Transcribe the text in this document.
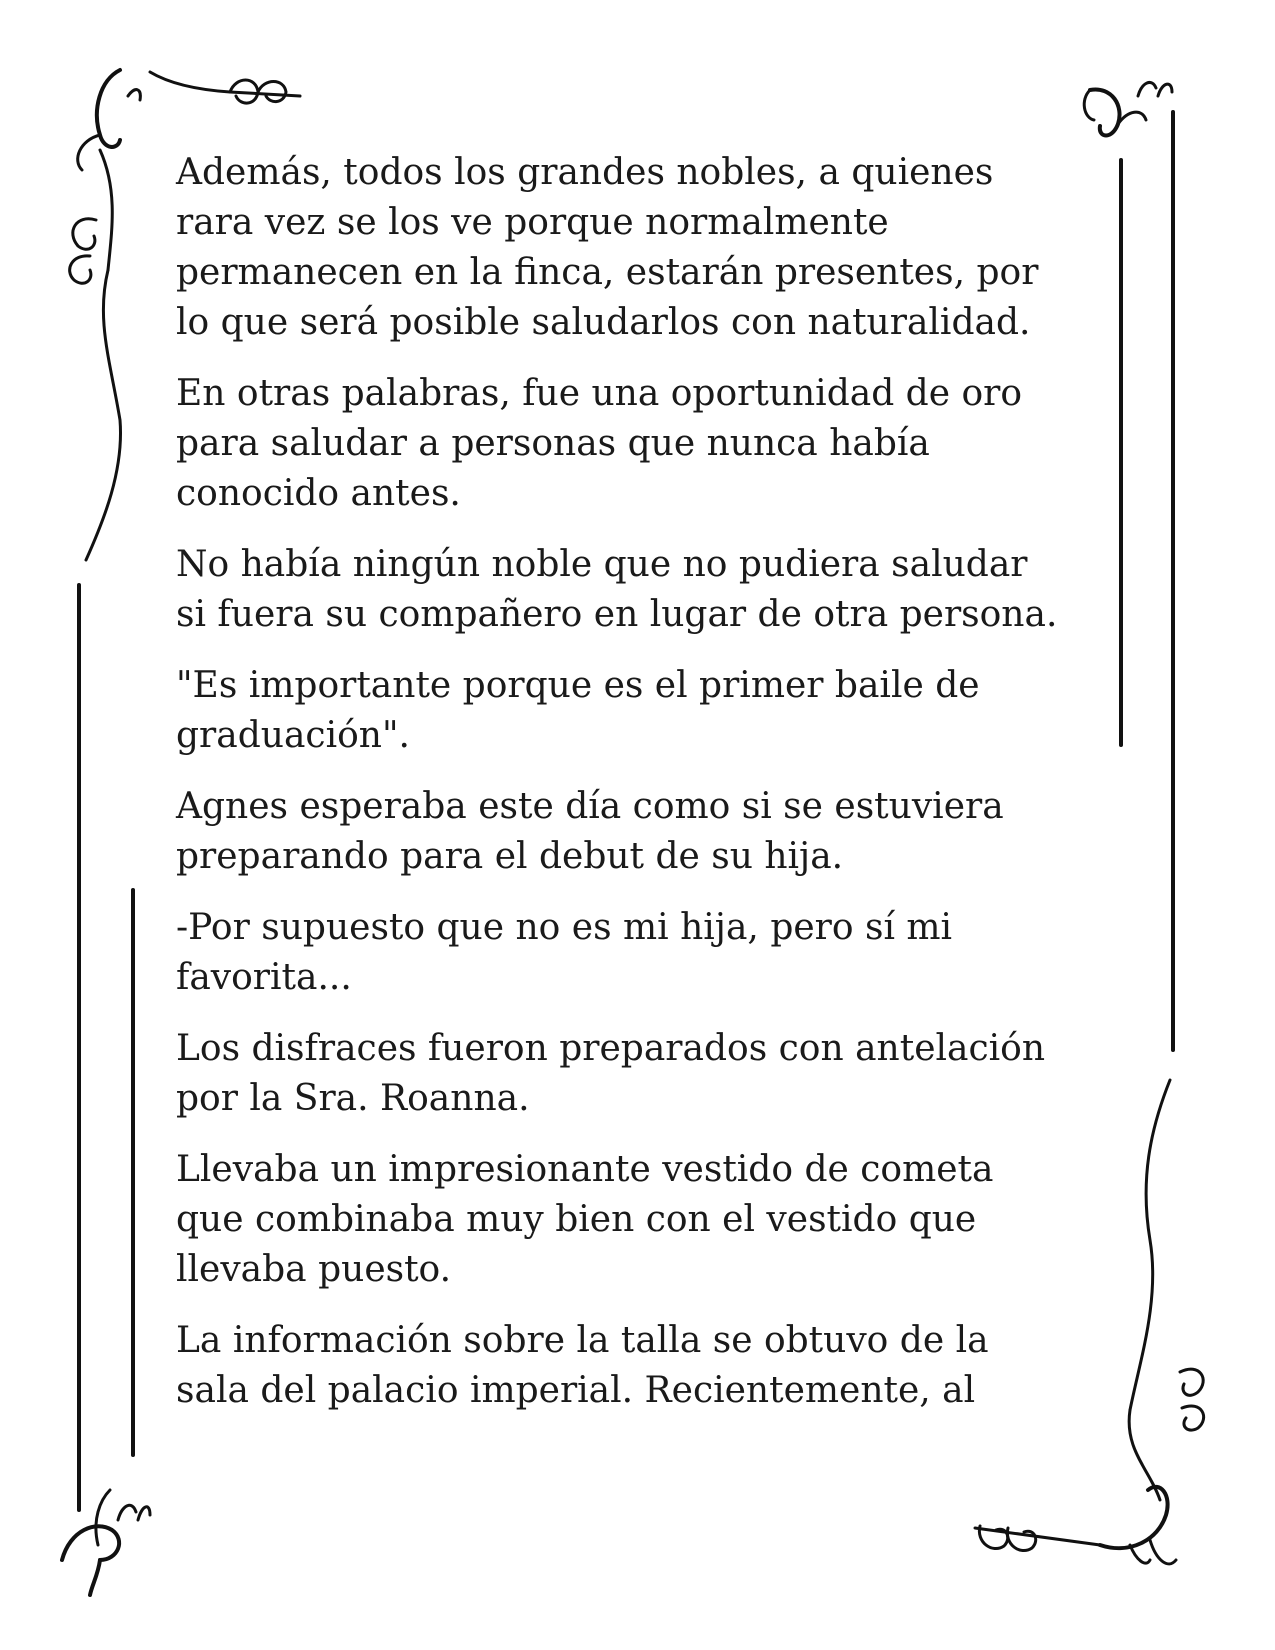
Además, todos los grandes nobles, a quienes
rara vez se los ve porque normalmente
permanecen en la finca, estarán presentes, por
lo que será posible saludarlos con naturalidad.

En otras palabras, fue una oportunidad de oro
para saludar a personas que nunca había
conocido antes.

No había ningún noble que no pudiera saludar
si fuera su compañero en lugar de otra persona.

"Es importante porque es el primer baile de
graduación".

Agnes esperaba este día como si se estuviera
preparando para el debut de su hija.

-Por supuesto que no es mi hija, pero sí mi
favorita...

Los disfraces fueron preparados con antelación
por la Sra. Roanna.

Llevaba un impresionante vestido de cometa
que combinaba muy bien con el vestido que
llevaba puesto.

La información sobre la talla se obtuvo de la
sala del palacio imperial. Recientemente, al
